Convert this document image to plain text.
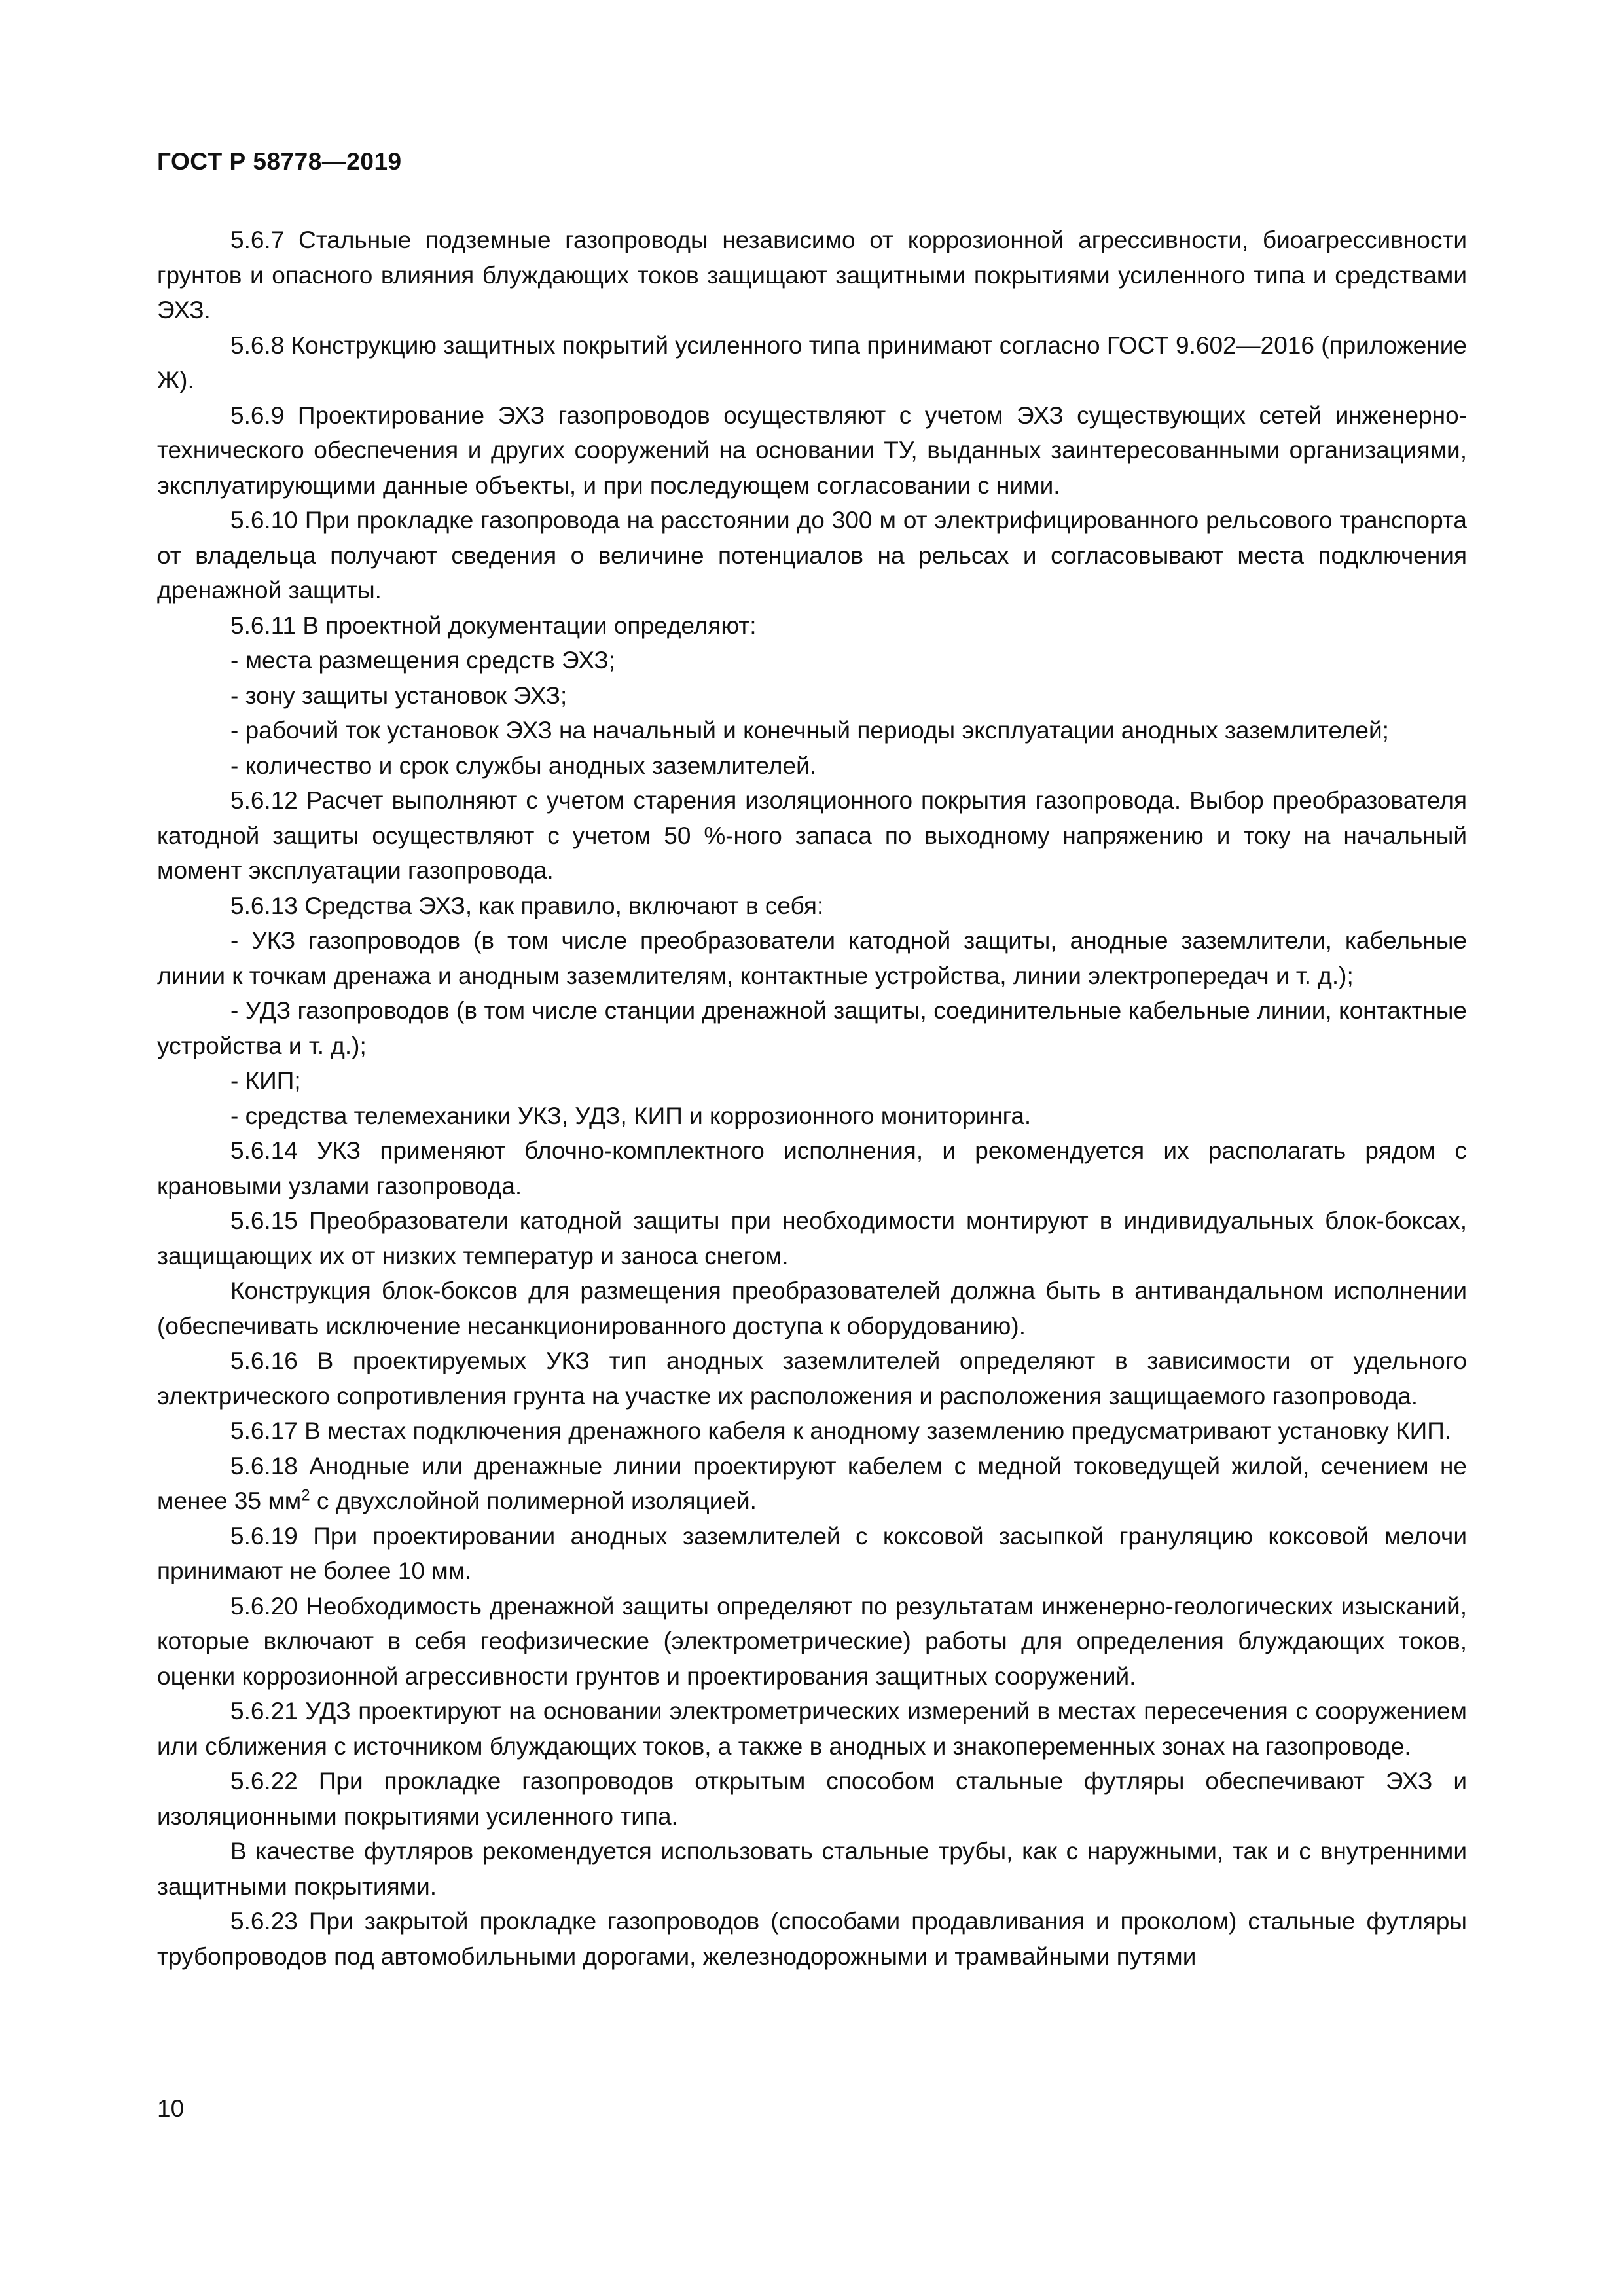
ГОСТ Р 58778—2019

5.6.7 Стальные подземные газопроводы независимо от коррозионной агрессивности, биоагрессивности грунтов и опасного влияния блуждающих токов защищают защитными покрытиями усиленного типа и средствами ЭХЗ.

5.6.8 Конструкцию защитных покрытий усиленного типа принимают согласно ГОСТ 9.602—2016 (приложение Ж).

5.6.9 Проектирование ЭХЗ газопроводов осуществляют с учетом ЭХЗ существующих сетей инженерно-технического обеспечения и других сооружений на основании ТУ, выданных заинтересованными организациями, эксплуатирующими данные объекты, и при последующем согласовании с ними.

5.6.10 При прокладке газопровода на расстоянии до 300 м от электрифицированного рельсового транспорта от владельца получают сведения о величине потенциалов на рельсах и согласовывают места подключения дренажной защиты.

5.6.11 В проектной документации определяют:

- места размещения средств ЭХЗ;

- зону защиты установок ЭХЗ;

- рабочий ток установок ЭХЗ на начальный и конечный периоды эксплуатации анодных заземлителей;

- количество и срок службы анодных заземлителей.

5.6.12 Расчет выполняют с учетом старения изоляционного покрытия газопровода. Выбор преобразователя катодной защиты осуществляют с учетом 50 %-ного запаса по выходному напряжению и току на начальный момент эксплуатации газопровода.

5.6.13 Средства ЭХЗ, как правило, включают в себя:

- УКЗ газопроводов (в том числе преобразователи катодной защиты, анодные заземлители, кабельные линии к точкам дренажа и анодным заземлителям, контактные устройства, линии электропередач и т. д.);

- УДЗ газопроводов (в том числе станции дренажной защиты, соединительные кабельные линии, контактные устройства и т. д.);

- КИП;

- средства телемеханики УКЗ, УДЗ, КИП и коррозионного мониторинга.

5.6.14 УКЗ применяют блочно-комплектного исполнения, и рекомендуется их располагать рядом с крановыми узлами газопровода.

5.6.15 Преобразователи катодной защиты при необходимости монтируют в индивидуальных блок-боксах, защищающих их от низких температур и заноса снегом.

Конструкция блок-боксов для размещения преобразователей должна быть в антивандальном исполнении (обеспечивать исключение несанкционированного доступа к оборудованию).

5.6.16 В проектируемых УКЗ тип анодных заземлителей определяют в зависимости от удельного электрического сопротивления грунта на участке их расположения и расположения защищаемого газопровода.

5.6.17 В местах подключения дренажного кабеля к анодному заземлению предусматривают установку КИП.

5.6.18 Анодные или дренажные линии проектируют кабелем с медной токоведущей жилой, сечением не менее 35 $мм^2$ с двухслойной полимерной изоляцией.

5.6.19 При проектировании анодных заземлителей с коксовой засыпкой грануляцию коксовой мелочи принимают не более 10 мм.

5.6.20 Необходимость дренажной защиты определяют по результатам инженерно-геологических изысканий, которые включают в себя геофизические (электрометрические) работы для определения блуждающих токов, оценки коррозионной агрессивности грунтов и проектирования защитных сооружений.

5.6.21 УДЗ проектируют на основании электрометрических измерений в местах пересечения с сооружением или сближения с источником блуждающих токов, а также в анодных и знакопеременных зонах на газопроводе.

5.6.22 При прокладке газопроводов открытым способом стальные футляры обеспечивают ЭХЗ и изоляционными покрытиями усиленного типа.

В качестве футляров рекомендуется использовать стальные трубы, как с наружными, так и с внутренними защитными покрытиями.

5.6.23 При закрытой прокладке газопроводов (способами продавливания и проколом) стальные футляры трубопроводов под автомобильными дорогами, железнодорожными и трамвайными путями

10
